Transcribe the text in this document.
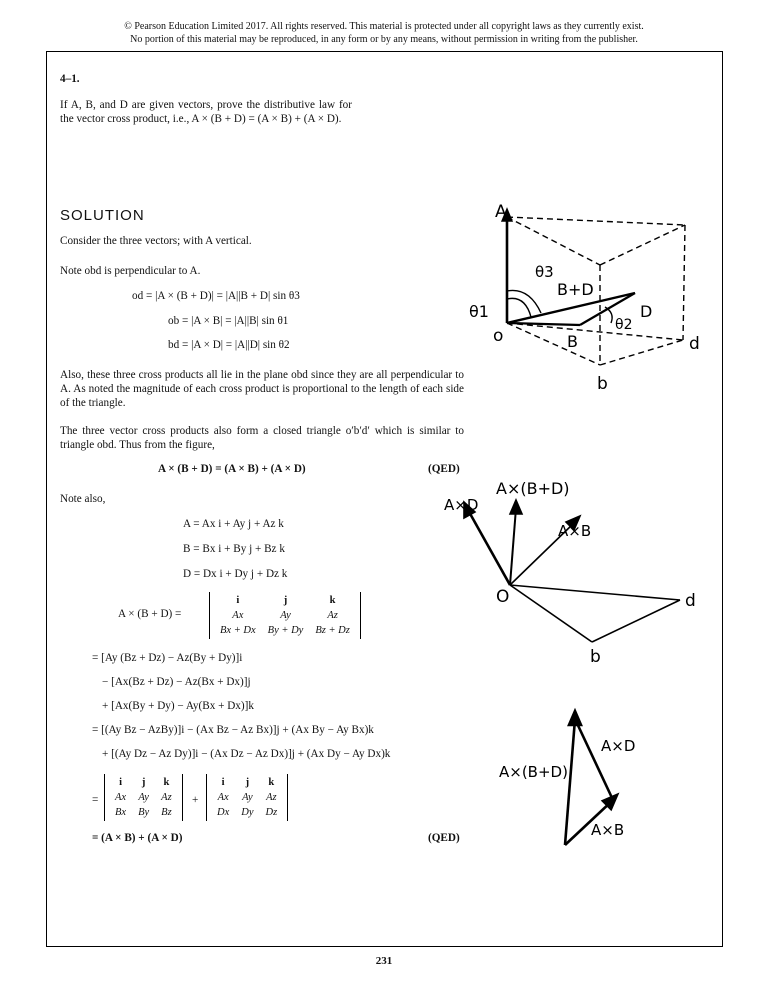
© Pearson Education Limited 2017. All rights reserved. This material is protected under all copyright laws as they currently exist.
No portion of this material may be reproduced, in any form or by any means, without permission in writing from the publisher.
4–1.
If A, B, and D are given vectors, prove the distributive law for the vector cross product, i.e., A × (B + D) = (A × B) + (A × D).
SOLUTION
Consider the three vectors; with A vertical.
Note obd is perpendicular to A.
od = |A × (B + D)| = |A||B + D| sin θ3
ob = |A × B| = |A||B| sin θ1
bd = |A × D| = |A||D| sin θ2
Also, these three cross products all lie in the plane obd since they are all perpendicular to A. As noted the magnitude of each cross product is proportional to the length of each side of the triangle.
The three vector cross products also form a closed triangle o′b′d′ which is similar to triangle obd. Thus from the figure,
A × (B + D) = (A × B) + (A × D)	(QED)
Note also,
A = Ax i + Ay j + Az k
B = Bx i + By j + Bz k
D = Dx i + Dy j + Dz k
A × (B + D) =
i	j	k
Ax	Ay	Az
Bx + Dx	By + Dy	Bz + Dz
= [Ay (Bz + Dz) − Az(By + Dy)]i
− [Ax(Bz + Dz) − Az(Bx + Dx)]j
+ [Ax(By + Dy) − Ay(Bx + Dx)]k
= [(Ay Bz − AzBy)]i − (Ax Bz − Az Bx)]j + (Ax By − Ay Bx)k
+ [(Ay Dz − Az Dy)]i − (Ax Dz − Az Dx)]j + (Ax Dy − Ay Dx)k
=
i	j	k
Ax	Ay	Az
Bx	By	Bz
+
i	j	k
Ax	Ay	Az
Dx	Dy	Dz
= (A × B) + (A × D)	(QED)
A
B+D
θ3
θ1
θ2
D
B
o	d
b
A×D
A×(B+D)
A×B
O	d
b
A×D
A×(B+D)
A×B
231
